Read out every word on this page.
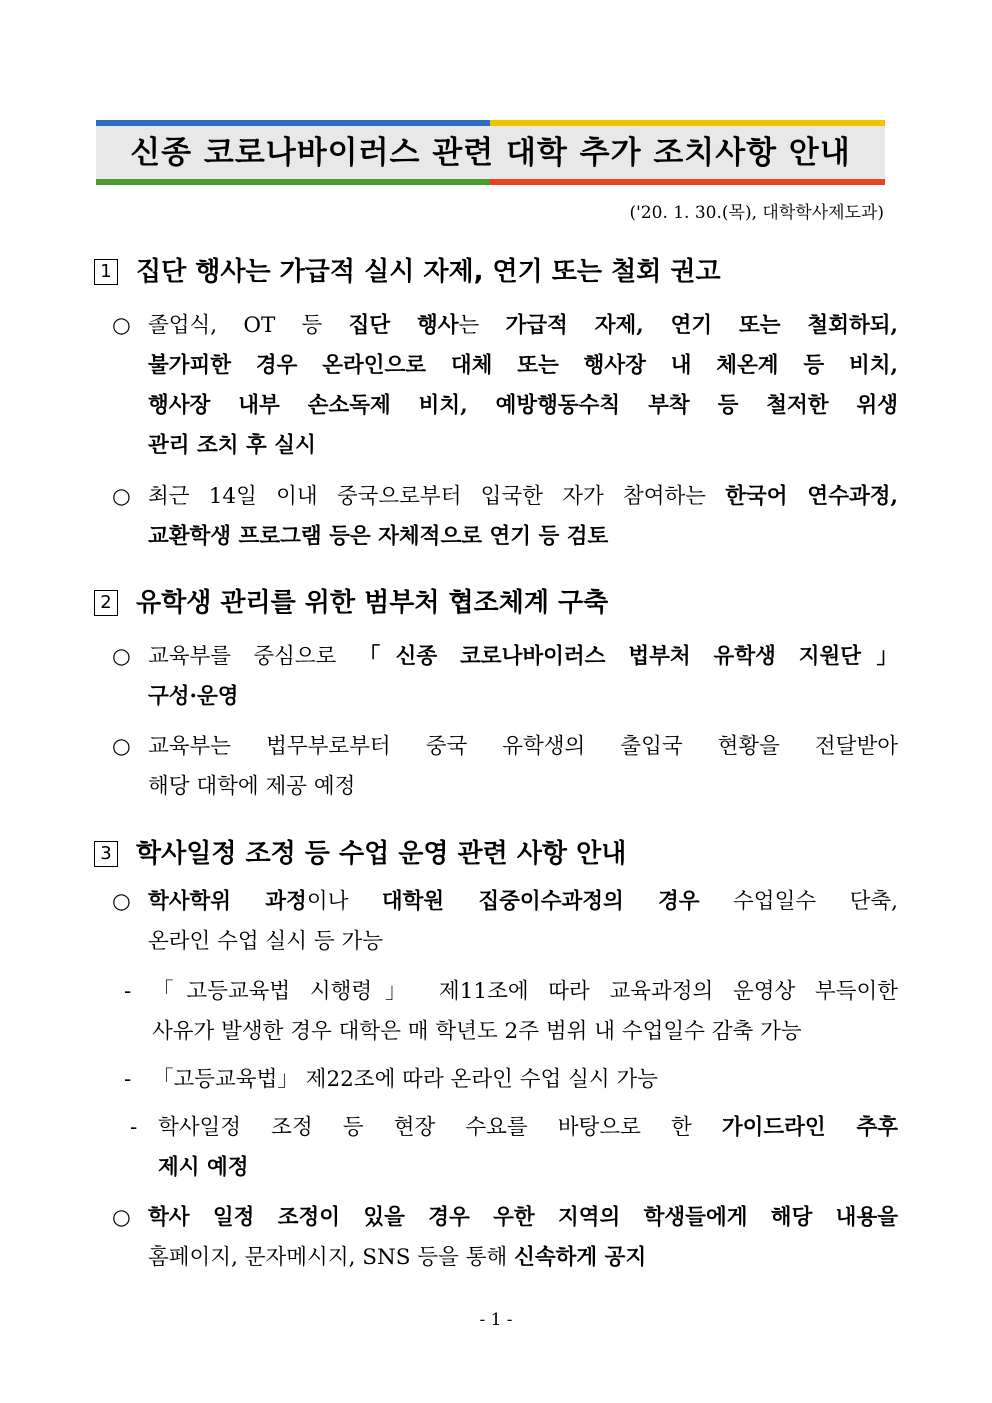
신종 코로나바이러스 관련 대학 추가 조치사항 안내
('20. 1. 30.(목), 대학학사제도과)
1 집단 행사는 가급적 실시 자제, 연기 또는 철회 권고
○ 졸업식, OT 등 집단 행사는 가급적 자제, 연기 또는 철회하되,
불가피한 경우 온라인으로 대체 또는 행사장 내 체온계 등 비치,
행사장 내부 손소독제 비치, 예방행동수칙 부착 등 철저한 위생
관리 조치 후 실시
○ 최근 14일 이내 중국으로부터 입국한 자가 참여하는 한국어 연수과정,
교환학생 프로그램 등은 자체적으로 연기 등 검토
2 유학생 관리를 위한 범부처 협조체계 구축
○ 교육부를 중심으로 「신종 코로나바이러스 법부처 유학생 지원단」
구성·운영
○ 교육부는 법무부로부터 중국 유학생의 출입국 현황을 전달받아
해당 대학에 제공 예정
3 학사일정 조정 등 수업 운영 관련 사항 안내
○ 학사학위 과정이나 대학원 집중이수과정의 경우 수업일수 단축,
온라인 수업 실시 등 가능
- 「고등교육법 시행령」 제11조에 따라 교육과정의 운영상 부득이한
사유가 발생한 경우 대학은 매 학년도 2주 범위 내 수업일수 감축 가능
- 「고등교육법」 제22조에 따라 온라인 수업 실시 가능
- 학사일정 조정 등 현장 수요를 바탕으로 한 가이드라인 추후
제시 예정
○ 학사 일정 조정이 있을 경우 우한 지역의 학생들에게 해당 내용을
홈페이지, 문자메시지, SNS 등을 통해 신속하게 공지
- 1 -
